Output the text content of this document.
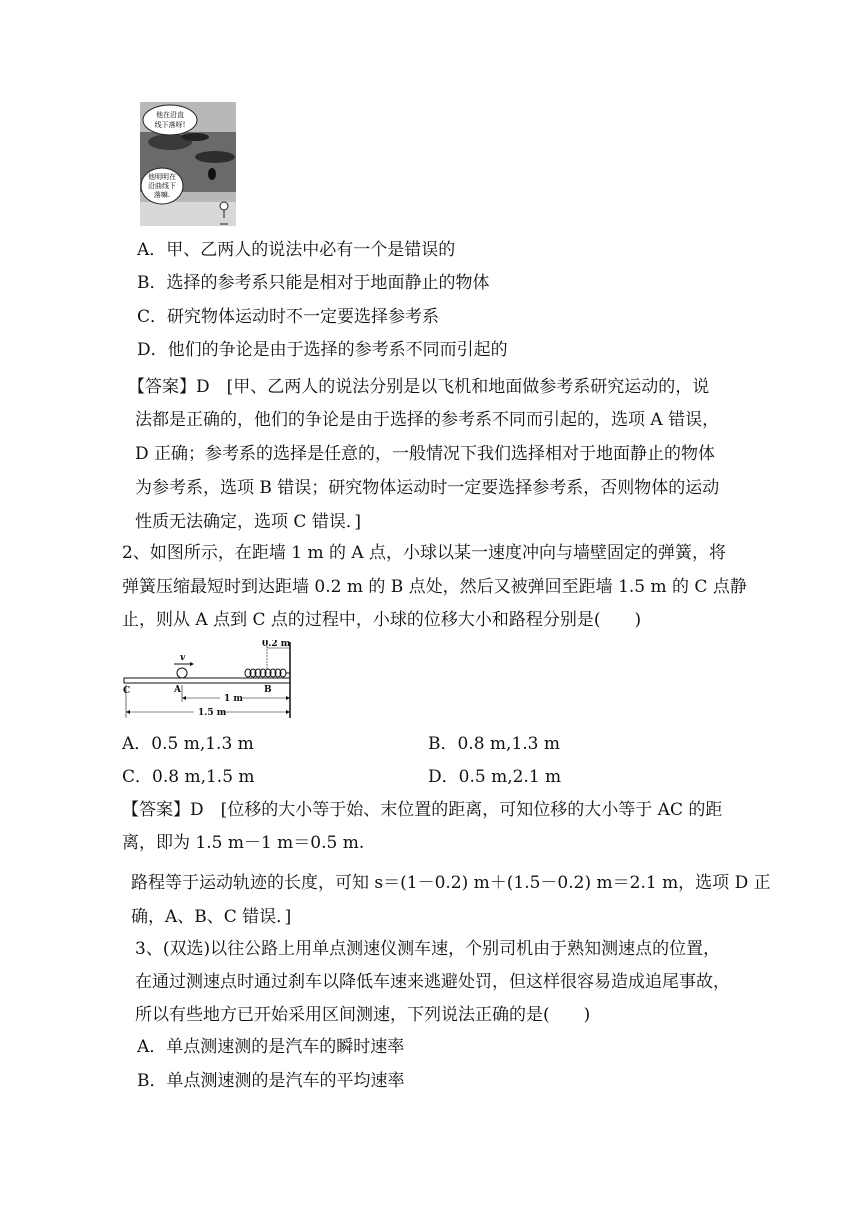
他在沿直
线下落呀!
他明明在
沿曲线下
落嘛.
A．甲、乙两人的说法中必有一个是错误的
B．选择的参考系只能是相对于地面静止的物体
C．研究物体运动时不一定要选择参考系
D．他们的争论是由于选择的参考系不同而引起的
【答案】D　[甲、乙两人的说法分别是以飞机和地面做参考系研究运动的，说
法都是正确的，他们的争论是由于选择的参考系不同而引起的，选项 A 错误，
D 正确；参考系的选择是任意的，一般情况下我们选择相对于地面静止的物体
为参考系，选项 B 错误；研究物体运动时一定要选择参考系，否则物体的运动
性质无法确定，选项 C 错误．]
2、如图所示，在距墙 1 m 的 A 点，小球以某一速度冲向与墙壁固定的弹簧，将
弹簧压缩最短时到达距墙 0.2 m 的 B 点处，然后又被弹回至距墙 1.5 m 的 C 点静
止，则从 A 点到 C 点的过程中，小球的位移大小和路程分别是(　　)
v
0.2 m
C	A	B
1 m
1.5 m
A．0.5 m,1.3 m	B．0.8 m,1.3 m
C．0.8 m,1.5 m	D．0.5 m,2.1 m
【答案】D　[位移的大小等于始、末位置的距离，可知位移的大小等于 AC 的距
离，即为 1.5 m－1 m＝0.5 m.
路程等于运动轨迹的长度，可知 s＝(1－0.2) m＋(1.5－0.2) m＝2.1 m，选项 D 正
确，A、B、C 错误．]
3、(双选)以往公路上用单点测速仪测车速，个别司机由于熟知测速点的位置，
在通过测速点时通过刹车以降低车速来逃避处罚，但这样很容易造成追尾事故，
所以有些地方已开始采用区间测速，下列说法正确的是(　　)
A．单点测速测的是汽车的瞬时速率
B．单点测速测的是汽车的平均速率
